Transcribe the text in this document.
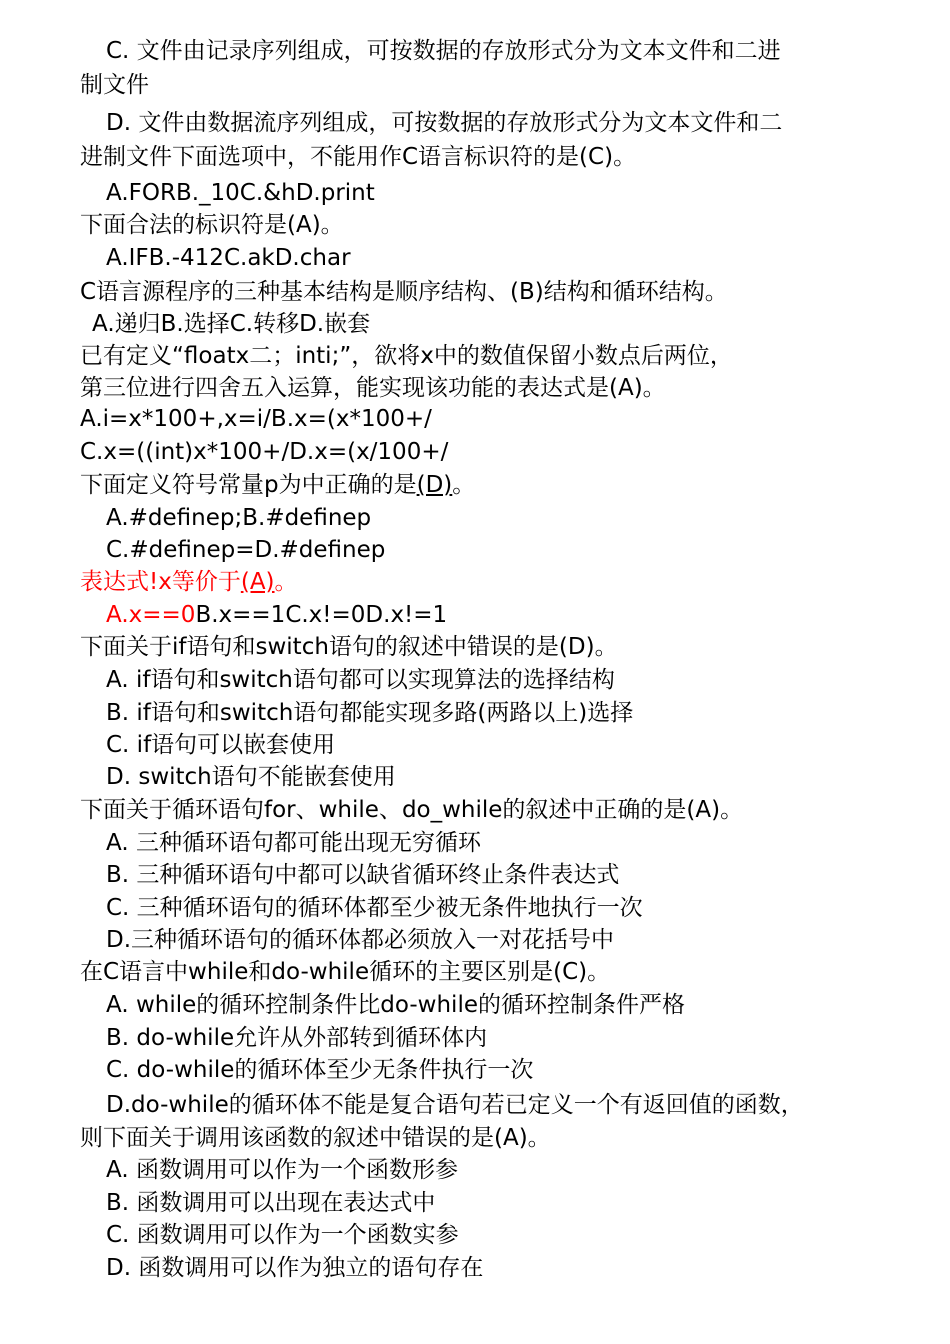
C. 文件由记录序列组成，可按数据的存放形式分为文本文件和二进
制文件
D. 文件由数据流序列组成，可按数据的存放形式分为文本文件和二
进制文件下面选项中，不能用作C语言标识符的是(C)。
A.FORB._10C.&hD.print
下面合法的标识符是(A)。
A.IFB.-412C.akD.char
C语言源程序的三种基本结构是顺序结构、(B)结构和循环结构。
A.递归B.选择C.转移D.嵌套
已有定义“floatx二；inti;”，欲将x中的数值保留小数点后两位，
第三位进行四舍五入运算，能实现该功能的表达式是(A)。
A.i=x*100+,x=i/B.x=(x*100+/
C.x=((int)x*100+/D.x=(x/100+/
下面定义符号常量p为中正确的是(D)。
A.#definep;B.#definep
C.#definep=D.#definep
表达式!x等价于(A)。
A.x==0B.x==1C.x!=0D.x!=1
下面关于if语句和switch语句的叙述中错误的是(D)。
A. if语句和switch语句都可以实现算法的选择结构
B. if语句和switch语句都能实现多路(两路以上)选择
C. if语句可以嵌套使用
D. switch语句不能嵌套使用
下面关于循环语句for、while、do_while的叙述中正确的是(A)。
A. 三种循环语句都可能出现无穷循环
B. 三种循环语句中都可以缺省循环终止条件表达式
C. 三种循环语句的循环体都至少被无条件地执行一次
D.三种循环语句的循环体都必须放入一对花括号中
在C语言中while和do-while循环的主要区别是(C)。
A. while的循环控制条件比do-while的循环控制条件严格
B. do-while允许从外部转到循环体内
C. do-while的循环体至少无条件执行一次
D.do-while的循环体不能是复合语句若已定义一个有返回值的函数，
则下面关于调用该函数的叙述中错误的是(A)。
A. 函数调用可以作为一个函数形参
B. 函数调用可以出现在表达式中
C. 函数调用可以作为一个函数实参
D. 函数调用可以作为独立的语句存在
